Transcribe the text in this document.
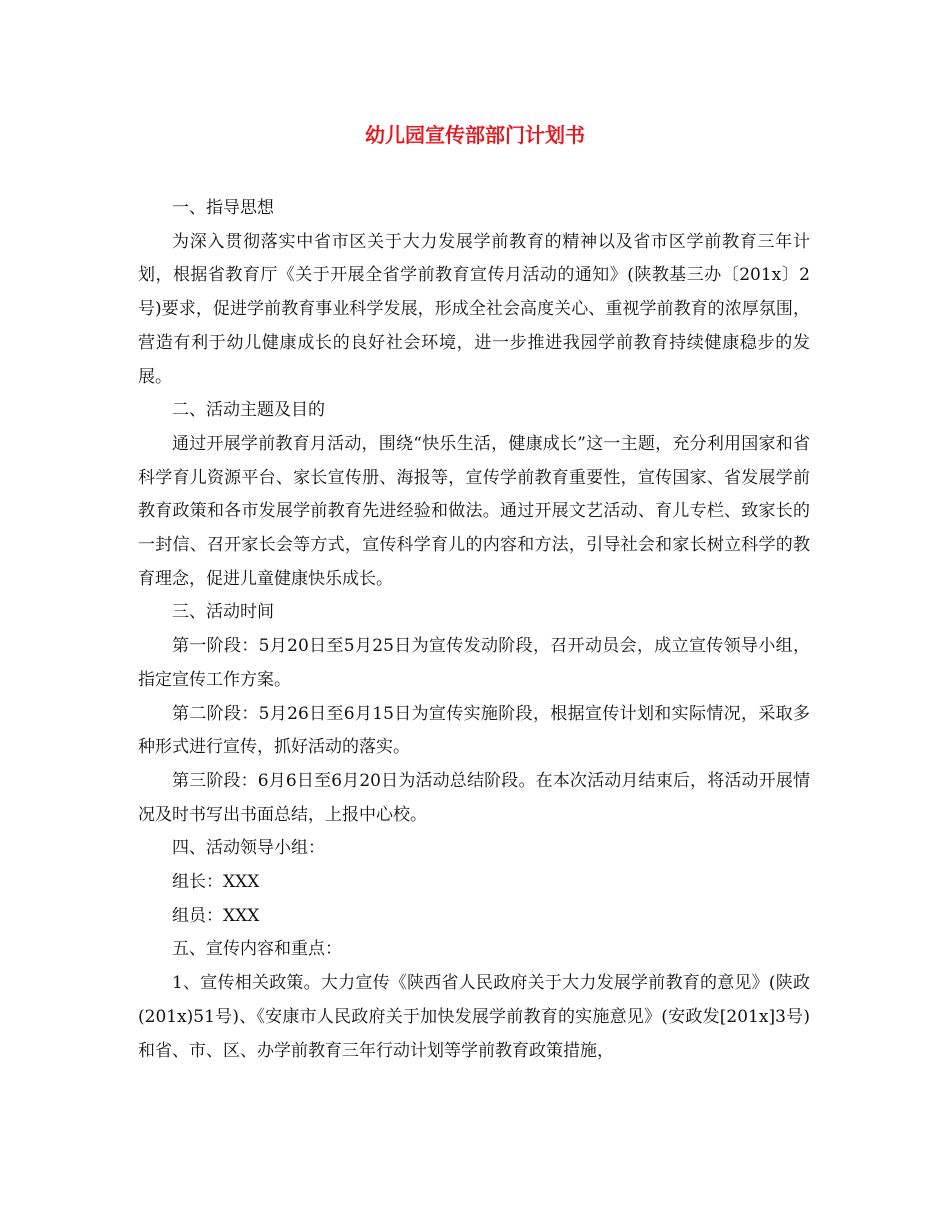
幼儿园宣传部部门计划书

一、指导思想

为深入贯彻落实中省市区关于大力发展学前教育的精神以及省市区学前教育三年计划，根据省教育厅《关于开展全省学前教育宣传月活动的通知》(陕教基三办〔201x〕2号)要求，促进学前教育事业科学发展，形成全社会高度关心、重视学前教育的浓厚氛围，营造有利于幼儿健康成长的良好社会环境，进一步推进我园学前教育持续健康稳步的发展。

二、活动主题及目的

通过开展学前教育月活动，围绕“快乐生活，健康成长”这一主题，充分利用国家和省科学育儿资源平台、家长宣传册、海报等，宣传学前教育重要性，宣传国家、省发展学前教育政策和各市发展学前教育先进经验和做法。通过开展文艺活动、育儿专栏、致家长的一封信、召开家长会等方式，宣传科学育儿的内容和方法，引导社会和家长树立科学的教育理念，促进儿童健康快乐成长。

三、活动时间

第一阶段：5月20日至5月25日为宣传发动阶段，召开动员会，成立宣传领导小组，指定宣传工作方案。

第二阶段：5月26日至6月15日为宣传实施阶段，根据宣传计划和实际情况，采取多种形式进行宣传，抓好活动的落实。

第三阶段：6月6日至6月20日为活动总结阶段。在本次活动月结束后，将活动开展情况及时书写出书面总结，上报中心校。

四、活动领导小组：

组长：XXX

组员：XXX

五、宣传内容和重点：

1、宣传相关政策。大力宣传《陕西省人民政府关于大力发展学前教育的意见》(陕政(201x)51号)、《安康市人民政府关于加快发展学前教育的实施意见》(安政发[201x]3号)和省、市、区、办学前教育三年行动计划等学前教育政策措施，
